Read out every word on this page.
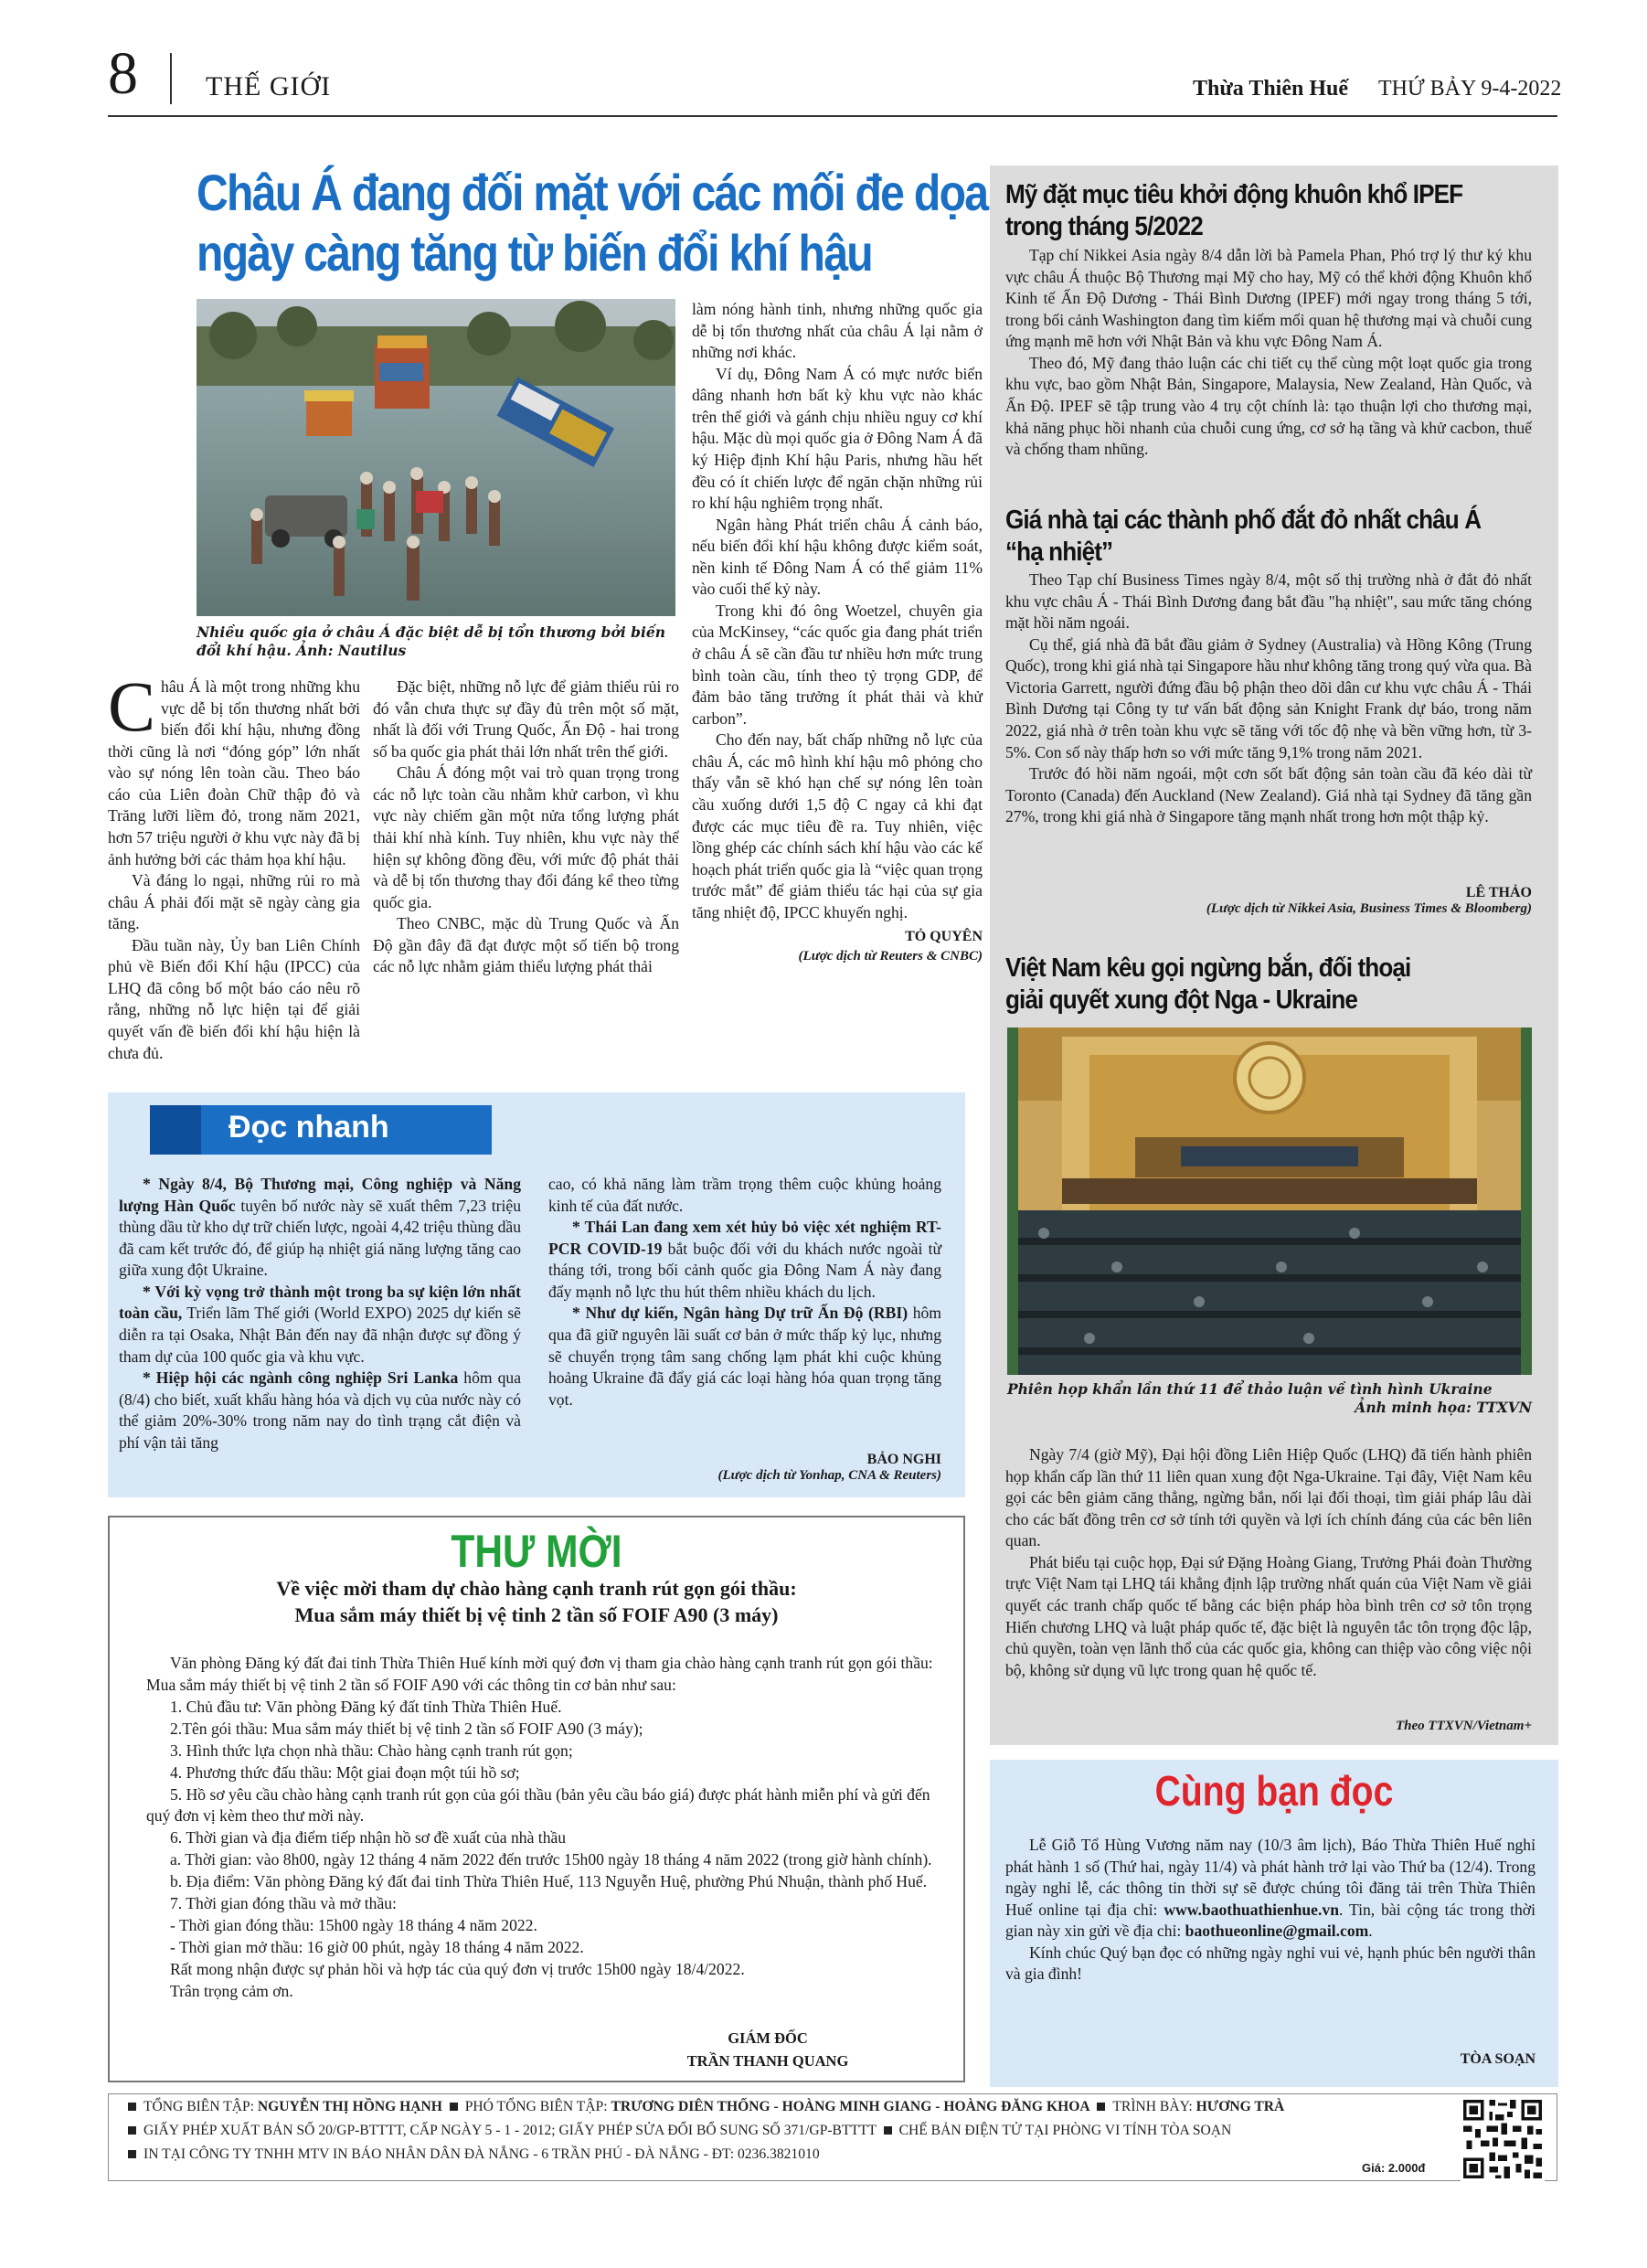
8 THẾ GIỚI	Thừa Thiên Huế THỨ BẢY 9-4-2022
Châu Á đang đối mặt với các mối đe dọa
ngày càng tăng từ biến đổi khí hậu
Nhiều quốc gia ở châu Á đặc biệt dễ bị tổn thương bởi biến đổi khí hậu. Ảnh: Nautilus

Châu Á là một trong những khu vực dễ bị tổn thương nhất bởi biến đổi khí hậu, nhưng đồng thời cũng là nơi “đóng góp” lớn nhất vào sự nóng lên toàn cầu. Theo báo cáo của Liên đoàn Chữ thập đỏ và Trăng lưỡi liềm đỏ, trong năm 2021, hơn 57 triệu người ở khu vực này đã bị ảnh hưởng bởi các thảm họa khí hậu.

Và đáng lo ngại, những rủi ro mà châu Á phải đối mặt sẽ ngày càng gia tăng.

Đầu tuần này, Ủy ban Liên Chính phủ về Biến đổi Khí hậu (IPCC) của LHQ đã công bố một báo cáo nêu rõ rằng, những nỗ lực hiện tại để giải quyết vấn đề biến đổi khí hậu hiện là chưa đủ.

Đặc biệt, những nỗ lực để giảm thiểu rủi ro đó vẫn chưa thực sự đầy đủ trên một số mặt, nhất là đối với Trung Quốc, Ấn Độ - hai trong số ba quốc gia phát thải lớn nhất trên thế giới.

Châu Á đóng một vai trò quan trọng trong các nỗ lực toàn cầu nhằm khử carbon, vì khu vực này chiếm gần một nửa tổng lượng phát thải khí nhà kính. Tuy nhiên, khu vực này thể hiện sự không đồng đều, với mức độ phát thải và dễ bị tổn thương thay đổi đáng kể theo từng quốc gia.

Theo CNBC, mặc dù Trung Quốc và Ấn Độ gần đây đã đạt được một số tiến bộ trong các nỗ lực nhằm giảm thiểu lượng phát thải

làm nóng hành tinh, nhưng những quốc gia dễ bị tổn thương nhất của châu Á lại nằm ở những nơi khác.

Ví dụ, Đông Nam Á có mực nước biển dâng nhanh hơn bất kỳ khu vực nào khác trên thế giới và gánh chịu nhiều nguy cơ khí hậu. Mặc dù mọi quốc gia ở Đông Nam Á đã ký Hiệp định Khí hậu Paris, nhưng hầu hết đều có ít chiến lược để ngăn chặn những rủi ro khí hậu nghiêm trọng nhất.

Ngân hàng Phát triển châu Á cảnh báo, nếu biến đổi khí hậu không được kiểm soát, nền kinh tế Đông Nam Á có thể giảm 11% vào cuối thế kỷ này.

Trong khi đó ông Woetzel, chuyên gia của McKinsey, “các quốc gia đang phát triển ở châu Á sẽ cần đầu tư nhiều hơn mức trung bình toàn cầu, tính theo tỷ trọng GDP, để đảm bảo tăng trưởng ít phát thải và khử carbon”.

Cho đến nay, bất chấp những nỗ lực của châu Á, các mô hình khí hậu mô phỏng cho thấy vẫn sẽ khó hạn chế sự nóng lên toàn cầu xuống dưới 1,5 độ C ngay cả khi đạt được các mục tiêu đề ra. Tuy nhiên, việc lồng ghép các chính sách khí hậu vào các kế hoạch phát triển quốc gia là “việc quan trọng trước mắt” để giảm thiểu tác hại của sự gia tăng nhiệt độ, IPCC khuyến nghị.

TỎ QUYÊN
(Lược dịch từ Reuters & CNBC)
Mỹ đặt mục tiêu khởi động khuôn khổ IPEF
trong tháng 5/2022

Tạp chí Nikkei Asia ngày 8/4 dẫn lời bà Pamela Phan, Phó trợ lý thư ký khu vực châu Á thuộc Bộ Thương mại Mỹ cho hay, Mỹ có thể khởi động Khuôn khổ Kinh tế Ấn Độ Dương - Thái Bình Dương (IPEF) mới ngay trong tháng 5 tới, trong bối cảnh Washington đang tìm kiếm mối quan hệ thương mại và chuỗi cung ứng mạnh mẽ hơn với Nhật Bản và khu vực Đông Nam Á.

Theo đó, Mỹ đang thảo luận các chi tiết cụ thể cùng một loạt quốc gia trong khu vực, bao gồm Nhật Bản, Singapore, Malaysia, New Zealand, Hàn Quốc, và Ấn Độ. IPEF sẽ tập trung vào 4 trụ cột chính là: tạo thuận lợi cho thương mại, khả năng phục hồi nhanh của chuỗi cung ứng, cơ sở hạ tầng và khử cacbon, thuế và chống tham nhũng.

Giá nhà tại các thành phố đắt đỏ nhất châu Á
“hạ nhiệt”

Theo Tạp chí Business Times ngày 8/4, một số thị trường nhà ở đắt đỏ nhất khu vực châu Á - Thái Bình Dương đang bắt đầu "hạ nhiệt", sau mức tăng chóng mặt hồi năm ngoái.

Cụ thể, giá nhà đã bắt đầu giảm ở Sydney (Australia) và Hồng Kông (Trung Quốc), trong khi giá nhà tại Singapore hầu như không tăng trong quý vừa qua. Bà Victoria Garrett, người đứng đầu bộ phận theo dõi dân cư khu vực châu Á - Thái Bình Dương tại Công ty tư vấn bất động sản Knight Frank dự báo, trong năm 2022, giá nhà ở trên toàn khu vực sẽ tăng với tốc độ nhẹ và bền vững hơn, từ 3-5%. Con số này thấp hơn so với mức tăng 9,1% trong năm 2021.

Trước đó hồi năm ngoái, một cơn sốt bất động sản toàn cầu đã kéo dài từ Toronto (Canada) đến Auckland (New Zealand). Giá nhà tại Sydney đã tăng gần 27%, trong khi giá nhà ở Singapore tăng mạnh nhất trong hơn một thập kỷ.

LÊ THẢO
(Lược dịch từ Nikkei Asia, Business Times & Bloomberg)
Việt Nam kêu gọi ngừng bắn, đối thoại
giải quyết xung đột Nga - Ukraine
Phiên họp khẩn lần thứ 11 để thảo luận về tình hình Ukraine
Ảnh minh họa: TTXVN

Ngày 7/4 (giờ Mỹ), Đại hội đồng Liên Hiệp Quốc (LHQ) đã tiến hành phiên họp khẩn cấp lần thứ 11 liên quan xung đột Nga-Ukraine. Tại đây, Việt Nam kêu gọi các bên giảm căng thẳng, ngừng bắn, nối lại đối thoại, tìm giải pháp lâu dài cho các bất đồng trên cơ sở tính tới quyền và lợi ích chính đáng của các bên liên quan.

Phát biểu tại cuộc họp, Đại sứ Đặng Hoàng Giang, Trưởng Phái đoàn Thường trực Việt Nam tại LHQ tái khẳng định lập trường nhất quán của Việt Nam về giải quyết các tranh chấp quốc tế bằng các biện pháp hòa bình trên cơ sở tôn trọng Hiến chương LHQ và luật pháp quốc tế, đặc biệt là nguyên tắc tôn trọng độc lập, chủ quyền, toàn vẹn lãnh thổ của các quốc gia, không can thiệp vào công việc nội bộ, không sử dụng vũ lực trong quan hệ quốc tế.

Theo TTXVN/Vietnam+
Đọc nhanh

* Ngày 8/4, Bộ Thương mại, Công nghiệp và Năng lượng Hàn Quốc tuyên bố nước này sẽ xuất thêm 7,23 triệu thùng dầu từ kho dự trữ chiến lược, ngoài 4,42 triệu thùng dầu đã cam kết trước đó, để giúp hạ nhiệt giá năng lượng tăng cao giữa xung đột Ukraine.

* Với kỳ vọng trở thành một trong ba sự kiện lớn nhất toàn cầu, Triển lãm Thế giới (World EXPO) 2025 dự kiến sẽ diễn ra tại Osaka, Nhật Bản đến nay đã nhận được sự đồng ý tham dự của 100 quốc gia và khu vực.

* Hiệp hội các ngành công nghiệp Sri Lanka hôm qua (8/4) cho biết, xuất khẩu hàng hóa và dịch vụ của nước này có thể giảm 20%-30% trong năm nay do tình trạng cắt điện và phí vận tải tăng

cao, có khả năng làm trầm trọng thêm cuộc khủng hoảng kinh tế của đất nước.

* Thái Lan đang xem xét hủy bỏ việc xét nghiệm RT-PCR COVID-19 bắt buộc đối với du khách nước ngoài từ tháng tới, trong bối cảnh quốc gia Đông Nam Á này đang đẩy mạnh nỗ lực thu hút thêm nhiều khách du lịch.

* Như dự kiến, Ngân hàng Dự trữ Ấn Độ (RBI) hôm qua đã giữ nguyên lãi suất cơ bản ở mức thấp kỷ lục, nhưng sẽ chuyển trọng tâm sang chống lạm phát khi cuộc khủng hoảng Ukraine đã đẩy giá các loại hàng hóa quan trọng tăng vọt.

BẢO NGHI
(Lược dịch từ Yonhap, CNA & Reuters)
THƯ MỜI
Về việc mời tham dự chào hàng cạnh tranh rút gọn gói thầu:
Mua sắm máy thiết bị vệ tinh 2 tần số FOIF A90 (3 máy)

Văn phòng Đăng ký đất đai tỉnh Thừa Thiên Huế kính mời quý đơn vị tham gia chào hàng cạnh tranh rút gọn gói thầu: Mua sắm máy thiết bị vệ tinh 2 tần số FOIF A90 với các thông tin cơ bản như sau:

1. Chủ đầu tư: Văn phòng Đăng ký đất tỉnh Thừa Thiên Huế.

2.Tên gói thầu: Mua sắm máy thiết bị vệ tinh 2 tần số FOIF A90 (3 máy);

3. Hình thức lựa chọn nhà thầu: Chào hàng cạnh tranh rút gọn;

4. Phương thức đấu thầu: Một giai đoạn một túi hồ sơ;

5. Hồ sơ yêu cầu chào hàng cạnh tranh rút gọn của gói thầu (bản yêu cầu báo giá) được phát hành miễn phí và gửi đến quý đơn vị kèm theo thư mời này.

6. Thời gian và địa điểm tiếp nhận hồ sơ đề xuất của nhà thầu

a. Thời gian: vào 8h00, ngày 12 tháng 4 năm 2022 đến trước 15h00 ngày 18 tháng 4 năm 2022 (trong giờ hành chính).

b. Địa điểm: Văn phòng Đăng ký đất đai tỉnh Thừa Thiên Huế, 113 Nguyễn Huệ, phường Phú Nhuận, thành phố Huế.

7. Thời gian đóng thầu và mở thầu:

- Thời gian đóng thầu: 15h00 ngày 18 tháng 4 năm 2022.

- Thời gian mở thầu: 16 giờ 00 phút, ngày 18 tháng 4 năm 2022.

Rất mong nhận được sự phản hồi và hợp tác của quý đơn vị trước 15h00 ngày 18/4/2022.

Trân trọng cảm ơn.

GIÁM ĐỐC
TRẦN THANH QUANG
Cùng bạn đọc

Lễ Giỗ Tổ Hùng Vương năm nay (10/3 âm lịch), Báo Thừa Thiên Huế nghỉ phát hành 1 số (Thứ hai, ngày 11/4) và phát hành trở lại vào Thứ ba (12/4). Trong ngày nghỉ lễ, các thông tin thời sự sẽ được chúng tôi đăng tải trên Thừa Thiên Huế online tại địa chỉ: www.baothuathienhue.vn. Tin, bài cộng tác trong thời gian này xin gửi về địa chỉ: baothueonline@gmail.com.

Kính chúc Quý bạn đọc có những ngày nghỉ vui vẻ, hạnh phúc bên người thân và gia đình!

TÒA SOẠN
TỔNG BIÊN TẬP: NGUYỄN THỊ HỒNG HẠNH PHÓ TỔNG BIÊN TẬP: TRƯƠNG DIÊN THỐNG - HOÀNG MINH GIANG - HOÀNG ĐĂNG KHOA TRÌNH BÀY: HƯƠNG TRÀ
GIẤY PHÉP XUẤT BẢN SỐ 20/GP-BTTTT, CẤP NGÀY 5 - 1 - 2012; GIẤY PHÉP SỬA ĐỔI BỔ SUNG SỐ 371/GP-BTTTT CHẾ BẢN ĐIỆN TỬ TẠI PHÒNG VI TÍNH TÒA SOẠN
IN TẠI CÔNG TY TNHH MTV IN BÁO NHÂN DÂN ĐÀ NẴNG - 6 TRẦN PHÚ - ĐÀ NẴNG - ĐT: 0236.3821010
Giá: 2.000đ
